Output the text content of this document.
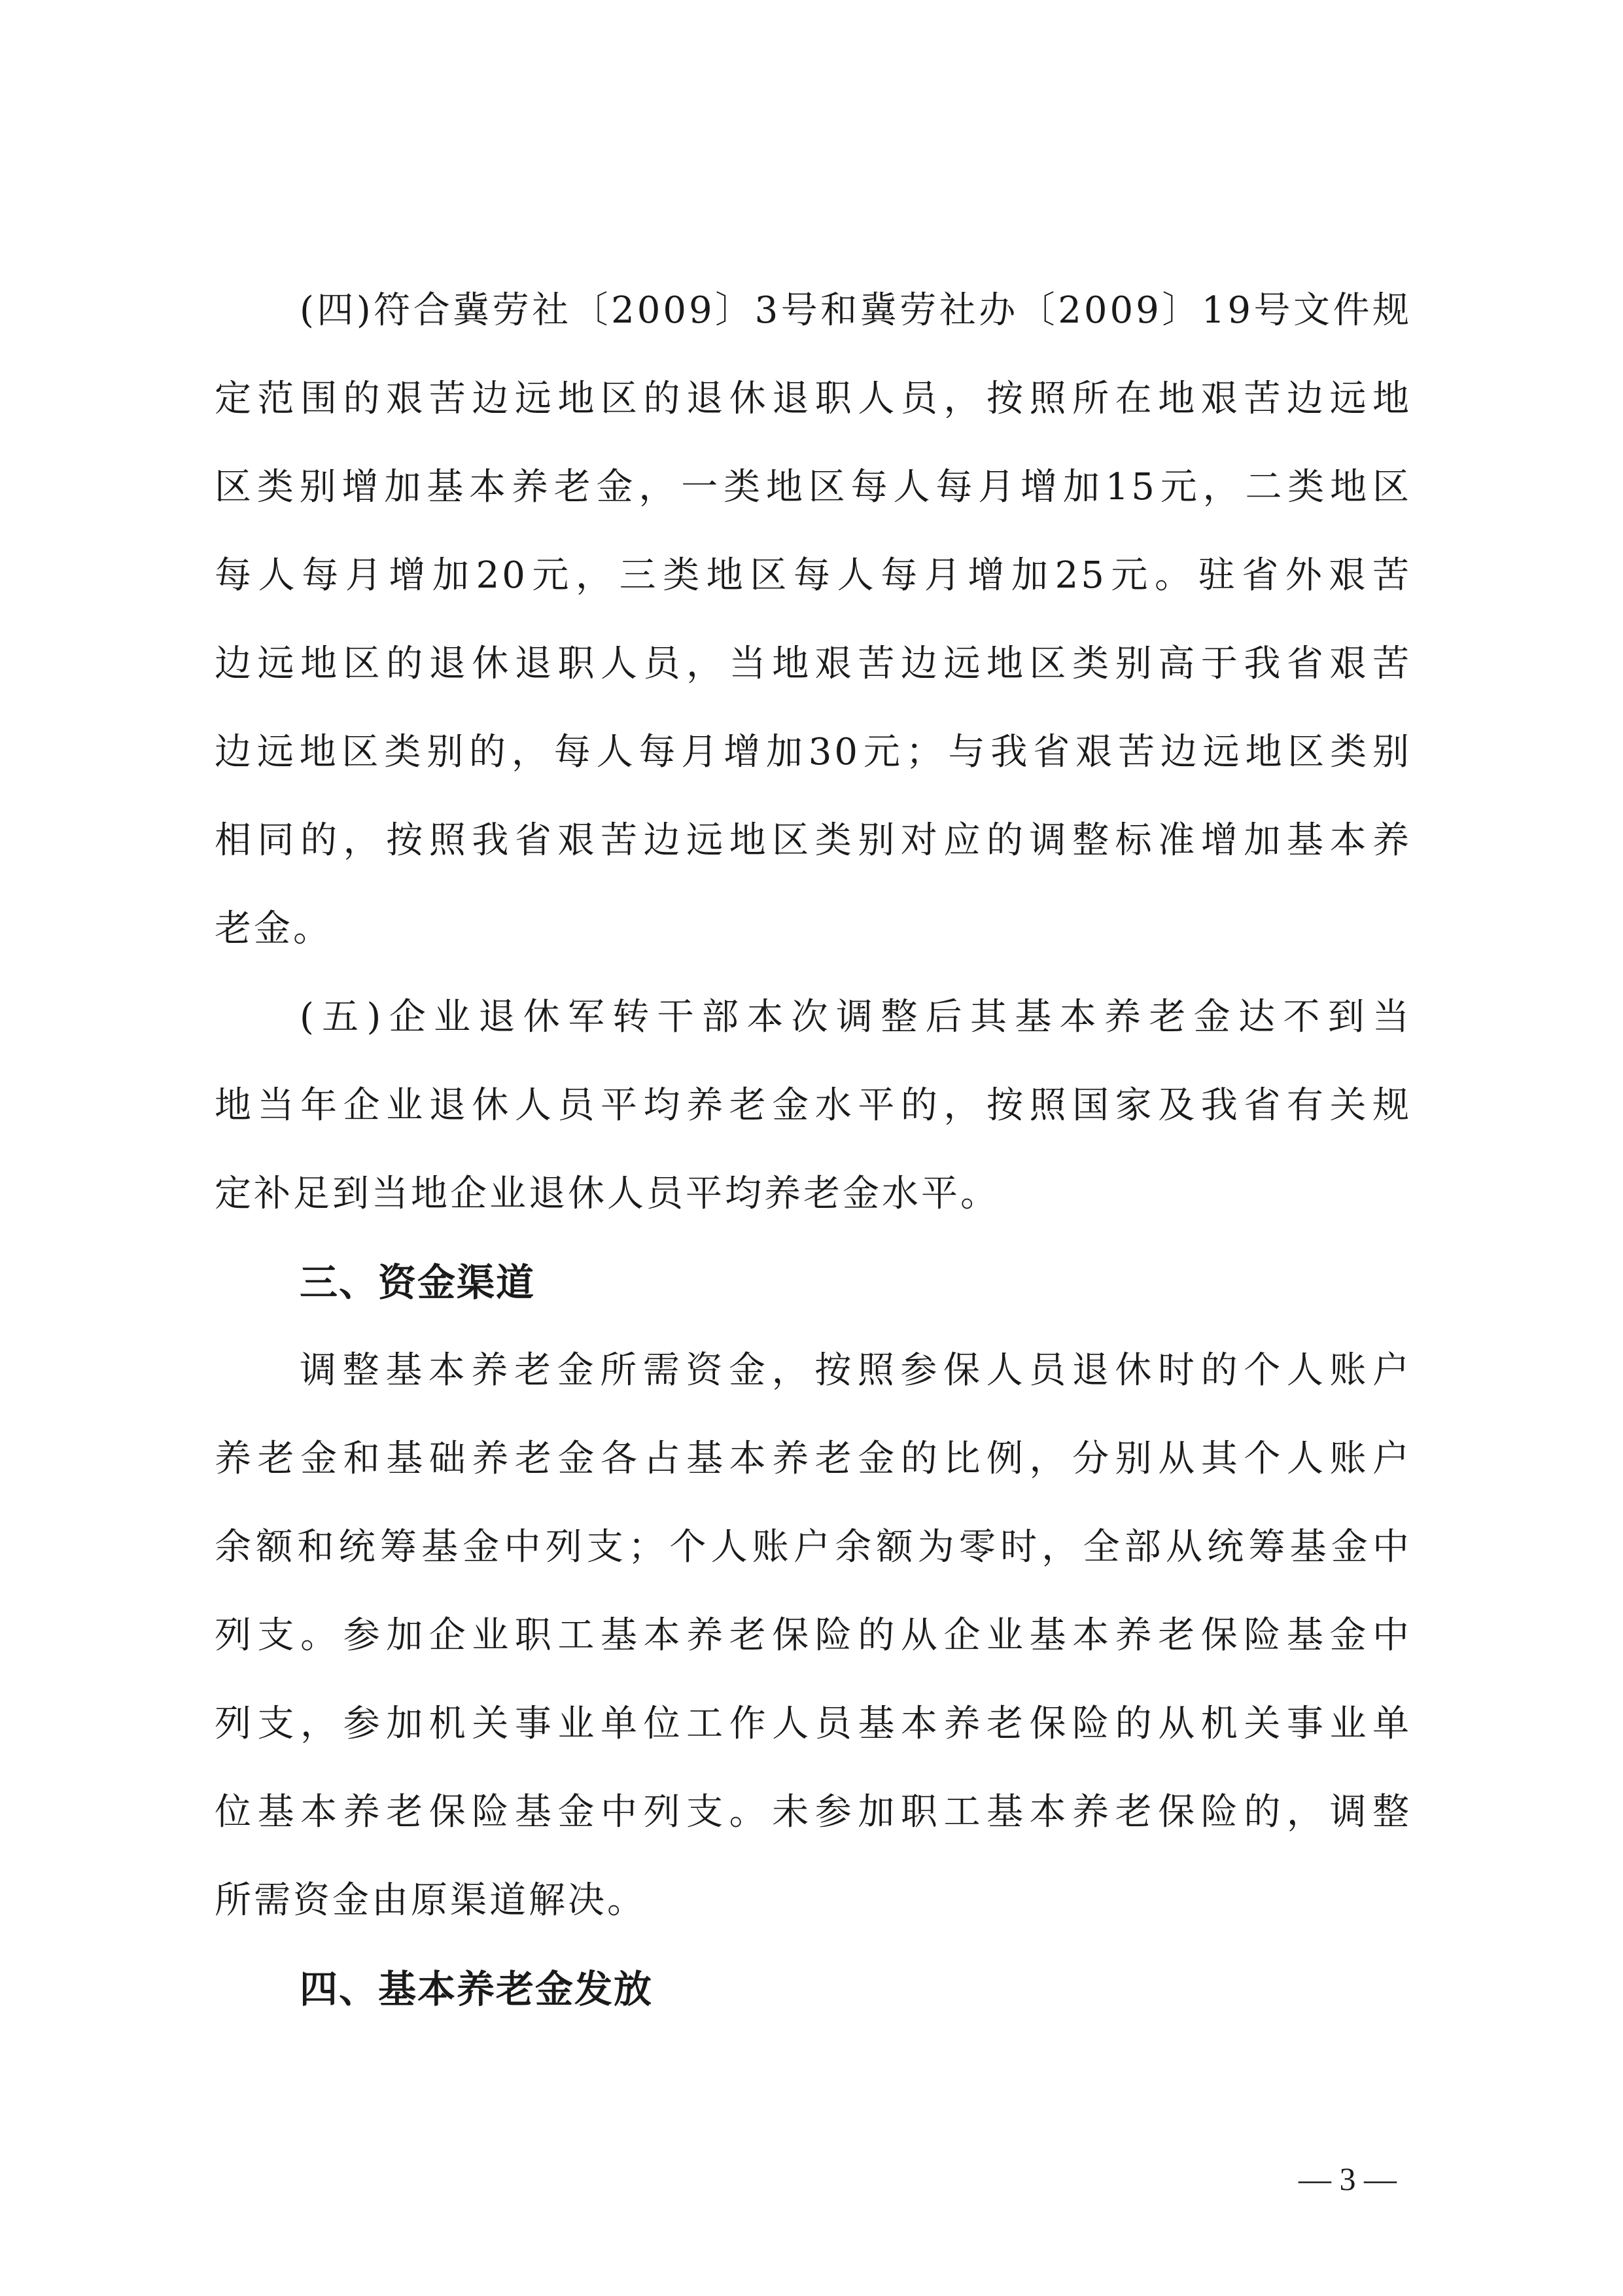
(四)符合冀劳社〔2009〕3号和冀劳社办〔2009〕19号文件规
定范围的艰苦边远地区的退休退职人员，按照所在地艰苦边远地
区类别增加基本养老金，一类地区每人每月增加15元，二类地区
每人每月增加20元，三类地区每人每月增加25元。驻省外艰苦
边远地区的退休退职人员，当地艰苦边远地区类别高于我省艰苦
边远地区类别的，每人每月增加30元；与我省艰苦边远地区类别
相同的，按照我省艰苦边远地区类别对应的调整标准增加基本养
老金。
(五)企业退休军转干部本次调整后其基本养老金达不到当
地当年企业退休人员平均养老金水平的，按照国家及我省有关规
定补足到当地企业退休人员平均养老金水平。
三、资金渠道
调整基本养老金所需资金，按照参保人员退休时的个人账户
养老金和基础养老金各占基本养老金的比例，分别从其个人账户
余额和统筹基金中列支；个人账户余额为零时，全部从统筹基金中
列支。参加企业职工基本养老保险的从企业基本养老保险基金中
列支，参加机关事业单位工作人员基本养老保险的从机关事业单
位基本养老保险基金中列支。未参加职工基本养老保险的，调整
所需资金由原渠道解决。
四、基本养老金发放
— 3 —
